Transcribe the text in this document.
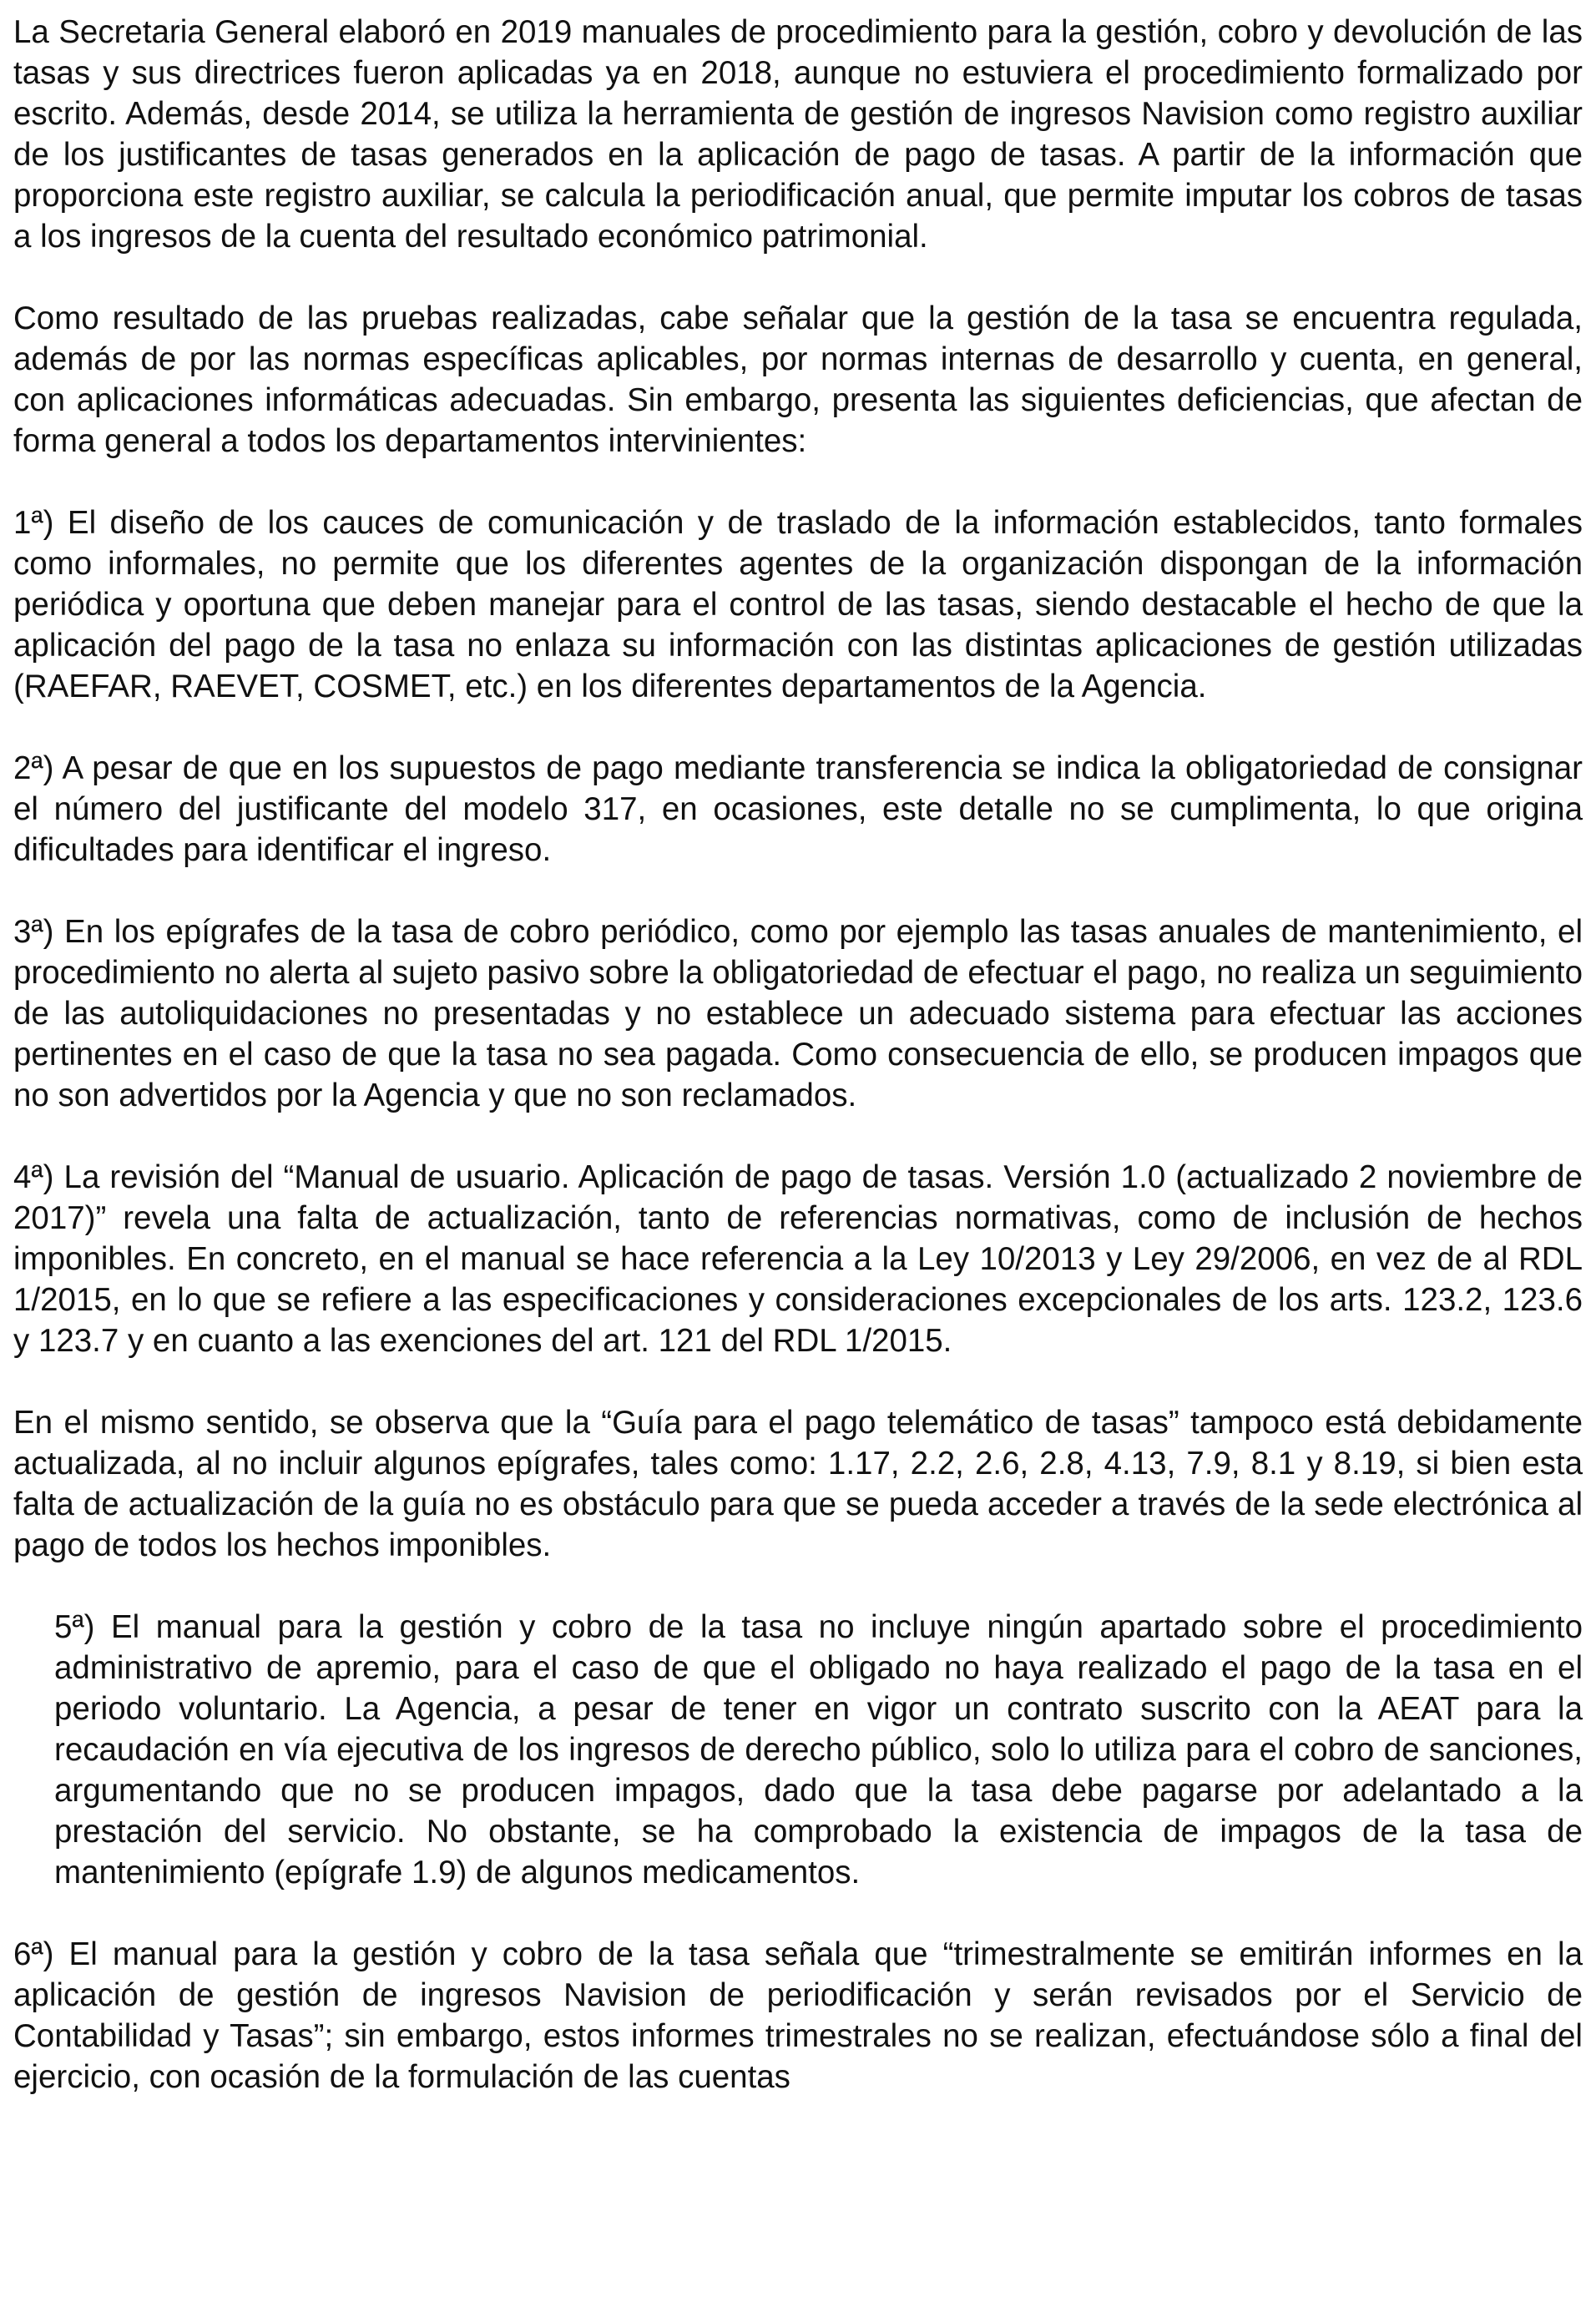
La Secretaria General elaboró en 2019 manuales de procedimiento para la gestión, cobro y devolución de las tasas y sus directrices fueron aplicadas ya en 2018, aunque no estuviera el procedimiento formalizado por escrito. Además, desde 2014, se utiliza la herramienta de gestión de ingresos Navision como registro auxiliar de los justificantes de tasas generados en la aplicación de pago de tasas. A partir de la información que proporciona este registro auxiliar, se calcula la periodificación anual, que permite imputar los cobros de tasas a los ingresos de la cuenta del resultado económico patrimonial.

Como resultado de las pruebas realizadas, cabe señalar que la gestión de la tasa se encuentra regulada, además de por las normas específicas aplicables, por normas internas de desarrollo y cuenta, en general, con aplicaciones informáticas adecuadas. Sin embargo, presenta las siguientes deficiencias, que afectan de forma general a todos los departamentos intervinientes:

1ª) El diseño de los cauces de comunicación y de traslado de la información establecidos, tanto formales como informales, no permite que los diferentes agentes de la organización dispongan de la información periódica y oportuna que deben manejar para el control de las tasas, siendo destacable el hecho de que la aplicación del pago de la tasa no enlaza su información con las distintas aplicaciones de gestión utilizadas (RAEFAR, RAEVET, COSMET, etc.) en los diferentes departamentos de la Agencia.

2ª) A pesar de que en los supuestos de pago mediante transferencia se indica la obligatoriedad de consignar el número del justificante del modelo 317, en ocasiones, este detalle no se cumplimenta, lo que origina dificultades para identificar el ingreso.

3ª) En los epígrafes de la tasa de cobro periódico, como por ejemplo las tasas anuales de mantenimiento, el procedimiento no alerta al sujeto pasivo sobre la obligatoriedad de efectuar el pago, no realiza un seguimiento de las autoliquidaciones no presentadas y no establece un adecuado sistema para efectuar las acciones pertinentes en el caso de que la tasa no sea pagada. Como consecuencia de ello, se producen impagos que no son advertidos por la Agencia y que no son reclamados.

4ª) La revisión del “Manual de usuario. Aplicación de pago de tasas. Versión 1.0 (actualizado 2 noviembre de 2017)” revela una falta de actualización, tanto de referencias normativas, como de inclusión de hechos imponibles. En concreto, en el manual se hace referencia a la Ley 10/2013 y Ley 29/2006, en vez de al RDL 1/2015, en lo que se refiere a las especificaciones y consideraciones excepcionales de los arts. 123.2, 123.6 y 123.7 y en cuanto a las exenciones del art. 121 del RDL 1/2015.

En el mismo sentido, se observa que la “Guía para el pago telemático de tasas” tampoco está debidamente actualizada, al no incluir algunos epígrafes, tales como: 1.17, 2.2, 2.6, 2.8, 4.13, 7.9, 8.1 y 8.19, si bien esta falta de actualización de la guía no es obstáculo para que se pueda acceder a través de la sede electrónica al pago de todos los hechos imponibles.

5ª) El manual para la gestión y cobro de la tasa no incluye ningún apartado sobre el procedimiento administrativo de apremio, para el caso de que el obligado no haya realizado el pago de la tasa en el periodo voluntario. La Agencia, a pesar de tener en vigor un contrato suscrito con la AEAT para la recaudación en vía ejecutiva de los ingresos de derecho público, solo lo utiliza para el cobro de sanciones, argumentando que no se producen impagos, dado que la tasa debe pagarse por adelantado a la prestación del servicio. No obstante, se ha comprobado la existencia de impagos de la tasa de mantenimiento (epígrafe 1.9) de algunos medicamentos.

6ª) El manual para la gestión y cobro de la tasa señala que “trimestralmente se emitirán informes en la aplicación de gestión de ingresos Navision de periodificación y serán revisados por el Servicio de Contabilidad y Tasas”; sin embargo, estos informes trimestrales no se realizan, efectuándose sólo a final del ejercicio, con ocasión de la formulación de las cuentas
